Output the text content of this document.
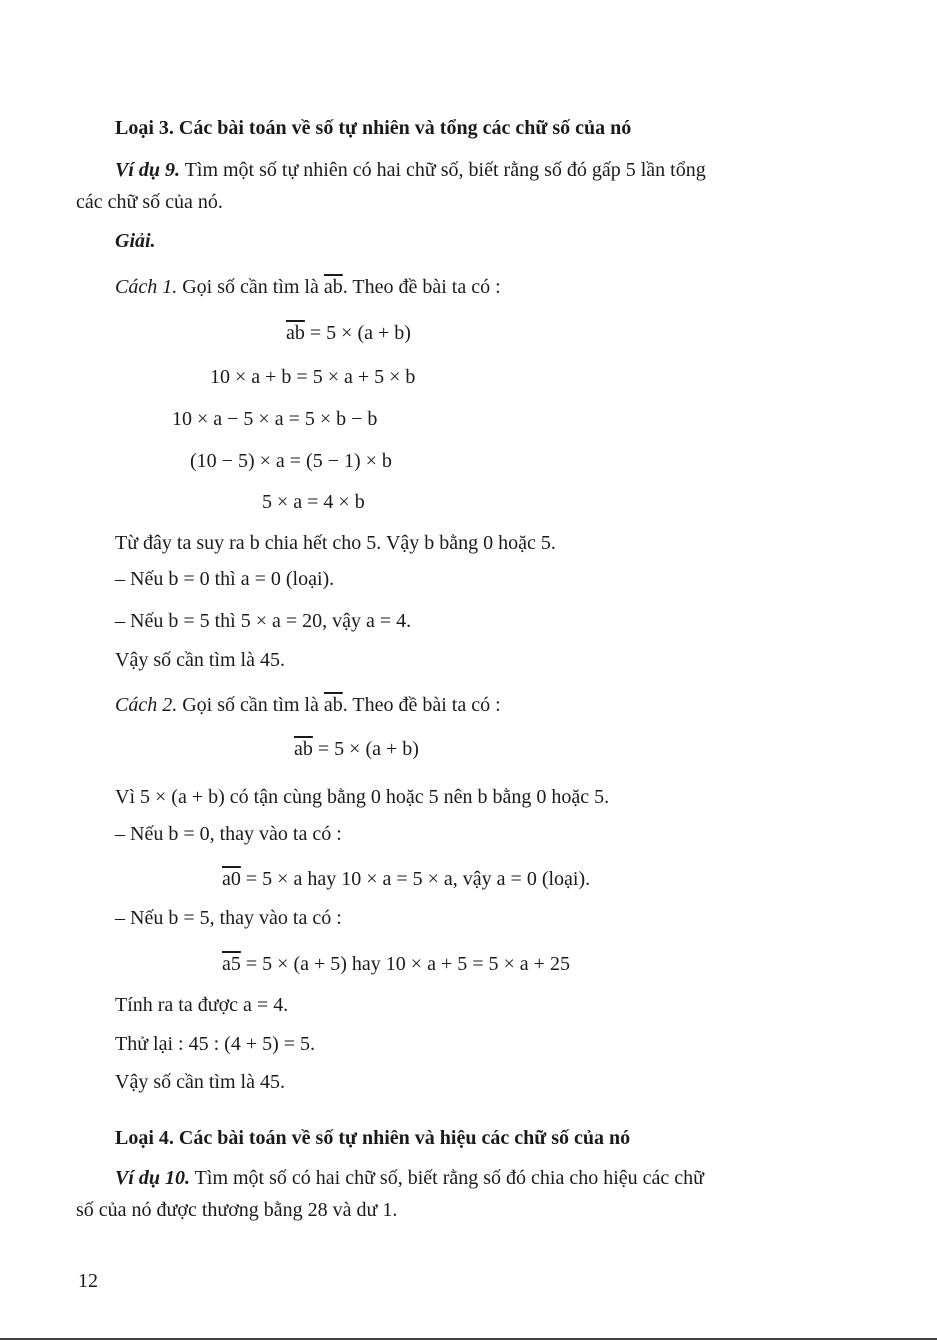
Loại 3. Các bài toán về số tự nhiên và tổng các chữ số của nó
Ví dụ 9. Tìm một số tự nhiên có hai chữ số, biết rằng số đó gấp 5 lần tổng
các chữ số của nó.
Giải.
Cách 1. Gọi số cần tìm là $\overline{ab}$. Theo đề bài ta có :
$\overline{ab} = 5 \times (a + b)$
10 × a + b = 5 × a + 5 × b
10 × a − 5 × a = 5 × b − b
(10 − 5) × a = (5 − 1) × b
5 × a = 4 × b
Từ đây ta suy ra b chia hết cho 5. Vậy b bằng 0 hoặc 5.
– Nếu b = 0 thì a = 0 (loại).
– Nếu b = 5 thì 5 × a = 20, vậy a = 4.
Vậy số cần tìm là 45.
Cách 2. Gọi số cần tìm là $\overline{ab}$. Theo đề bài ta có :
$\overline{ab} = 5 \times (a + b)$
Vì 5 × (a + b) có tận cùng bằng 0 hoặc 5 nên b bằng 0 hoặc 5.
– Nếu b = 0, thay vào ta có :
a0 = 5 × a hay 10 × a = 5 × a, vậy a = 0 (loại).
– Nếu b = 5, thay vào ta có :
a5 = 5 × (a + 5) hay 10 × a + 5 = 5 × a + 25
Tính ra ta được a = 4.
Thử lại : 45 : (4 + 5) = 5.
Vậy số cần tìm là 45.
Loại 4. Các bài toán về số tự nhiên và hiệu các chữ số của nó
Ví dụ 10. Tìm một số có hai chữ số, biết rằng số đó chia cho hiệu các chữ
số của nó được thương bằng 28 và dư 1.
12
